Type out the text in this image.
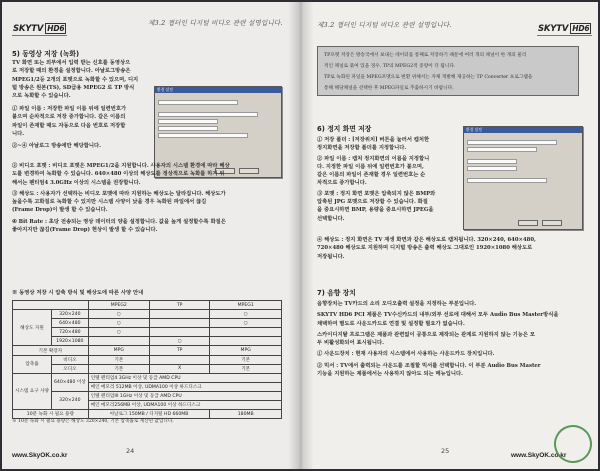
SKYTV HD6
제3.2 챕터인 디지털 비디오 관련 설명입니다.
5) 동영상 저장 (녹화)
TV 화면 또는 외부에서 입력 받는 신호를 동영상으
로 저장할 때의 환경을 설정합니다. 아날로그방송은
MPEG1/2등 2개의 포맷으로 녹화할 수 있으며, 디지
털 방송은 원본(TS), SD급용 MPEG2 로 TP 방식
으로 녹화할 수 있습니다.
① 파일 이름 : 저장한 파일 이름 뒤에 일련번호가
붙으며 순차적으로 저장 증가합니다. 같은 이름의
파일이 존재할 때도 자동으로 다음 번호로 저장합
니다.
②~④ 아날로그 방송에만 해당합니다.
환경 설정
② 비디오 포맷 : 비디오 포맷은 MPEG1/2을 지원합니다. 사용자의 시스템 환경에 따라 해상
도를 변경하여 녹화할 수 있습니다. 640×480 이상의 해상도를 정상적으로 녹화를 하기 위
해서는 펜티엄4 3.0GHz 이상의 시스템을 권장합니다.
③ 해상도 : 사용자가 선택하는 비디오 포맷에 따라 지원하는 해상도는 달라집니다. 해상도가
높을수록 고화질로 녹화할 수 있지만 시스템 사양이 낮을 경우 녹화된 파일에서 끊김
(Frame Drop)이 발생 할 수 있습니다.
④ Bit Rate : 초당 전송되는 영상 데이터의 양을 설정합니다. 값을 높게 설정할수록 화질은
좋아지지만 끊김(Frame Drop) 현상이 발생 할 수 있습니다.
※ 동영상 저장 시 압축 방식 및 해상도에 따른 사양 안내
		MPEG2	TP	MPEG1
해상도 지원	320×240	○		○
	640×480	○		○
	720×480	○		
	1920×1080		○	
기본 확장자		MPG	TP	MPG
압축률	비디오	기본		기본
	오디오	기본	X	기본
시스템 요구 사양	640×480 이상	인텔 펜티엄4 3GHz 이상 및 동급 AMD CPU		
		메인 메모리 512MB 이상, UDMA100 이상 하드디스크		
	320×240	인텔 펜티엄III 1GHz 이상 및 동급 AMD CPU		
		메인 메모리256MB 이상, UDMA100 이상 하드디스크		
10분 녹화 시 필요 용량		아날로그 150MB / 디지털 HD 660MB		180MB
※ 10분 녹화 시 필요 용량은 해상도 320×240, 기본 압축률로 계산된 값입니다.
www.SkyOK.co.kr
24
제3.2 챕터인 디지털 비디오 관련 설명입니다.	SKYTV HD6
TP포맷 저장은 방송국에서 보내는 데이터를 통째로 저장하기 때문에 여러 개의 채널이 한 개의 물리
적인 채널로 묶여 있을 경우, TP의 MPEG2적 증량이 더 됩니다.
TP로 녹화된 파일을 MPEG포맷으로 변환 위해서는 자체 개발해 제공하는 TP Converter 프로그램을
통해 해당채널을 선택한 후 MPEG파일로 추출하시기 바랍니다.
6) 정지 화면 저장
① 저장 폴더 : [저장위치] 버튼을 눌러서 캡처한
정지화면을 저장할 폴더를 지정합니다.
② 파일 이름 : 캡처 정지화면의 이름을 지정합니
다. 지정한 파일 이름 뒤에 일련번호가 붙으며,
같은 이름의 파일이 존재할 경우 일련번호는 순
차적으로 증가합니다.
③ 포맷 : 정지 화면 포맷은 압축되지 않은 BMP와
압축된 JPG 포맷으로 저장할 수 있습니다. 화질
을 중요시하면 BMP, 용량을 중요시하면 JPEG을
선택합니다.
환경 설정
④ 해상도 : 정지 화면은 TV 재생 화면과 같은 해상도로 캡처됩니다. 320×240, 640×480,
720×480 해상도로 지원하며 디지털 방송은 출력 해상도 그대로인 1920×1080 해상도로
저장됩니다.
7) 음향 장치
음향장치는 TV카드의 소리 오디오출력 설정을 지정하는 부분입니다.
SKYTV HD6 PCI 제품은 TV수신카드의 내부/외부 선로에 대해서 모두 Audio Bus Master방식을
채택하여 별도로 사운드카드로 연결 및 설정할 필요가 없습니다.
스카이디지탈 프로그램은 제품과 관련없이 공통으로 제작되는 관계로 지원하지 않는 기능은 모
두 비활성화되어 표시됩니다.
① 사운드장치 : 현재 사용자의 시스템에서 사용하는 사운드카드 장치입니다.
② 믹서 : TV에서 출력되는 사운드를 조절할 믹서를 선택합니다. 이 부분 Audio Bus Master
기능을 지원하는 제품에서는 사용하지 않아도 되는 메뉴입니다.
25
www.SkyOK.co.kr
